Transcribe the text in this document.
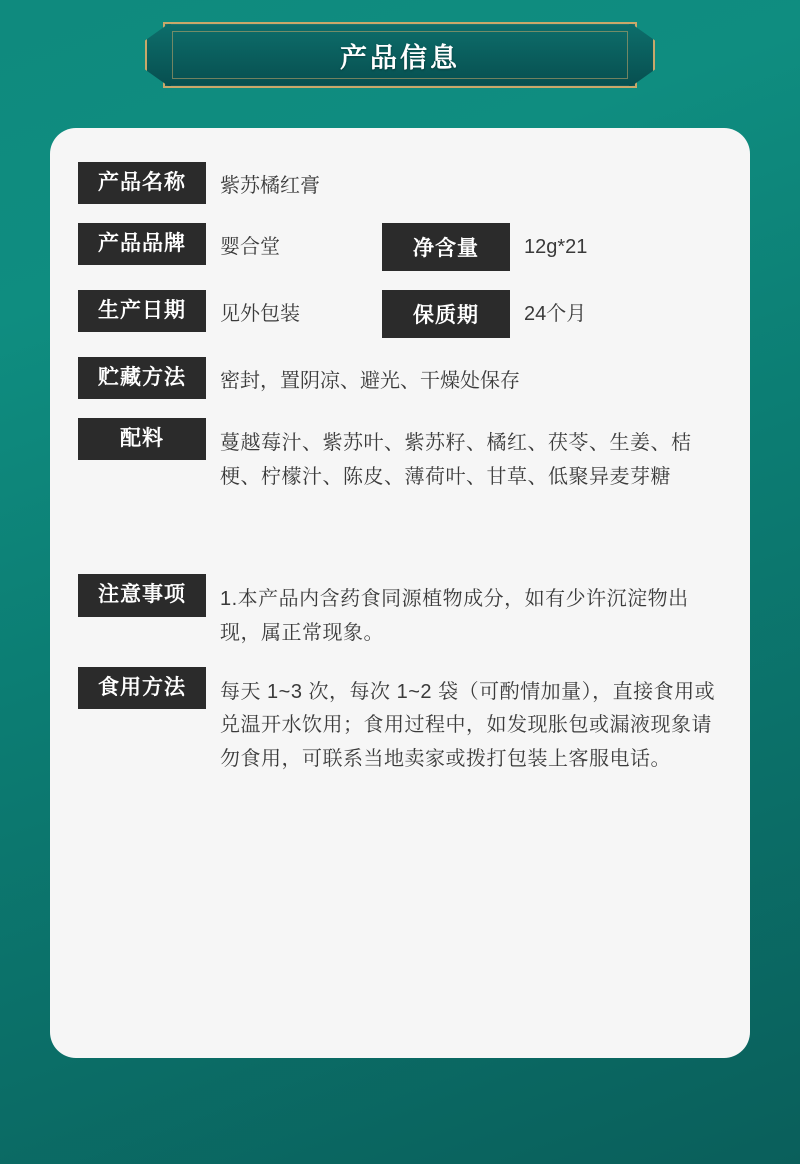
产品信息
产品名称	紫苏橘红膏
产品品牌	婴合堂	净含量	12g*21
生产日期	见外包装	保质期	24个月
贮藏方法	密封，置阴凉、避光、干燥处保存
配料	蔓越莓汁、紫苏叶、紫苏籽、橘红、茯苓、生姜、桔梗、柠檬汁、陈皮、薄荷叶、甘草、低聚异麦芽糖
注意事项	1.本产品内含药食同源植物成分，如有少许沉淀物出现，属正常现象。
食用方法	每天 1~3 次，每次 1~2 袋（可酌情加量），直接食用或兑温开水饮用；食用过程中，如发现胀包或漏液现象请勿食用，可联系当地卖家或拨打包装上客服电话。
